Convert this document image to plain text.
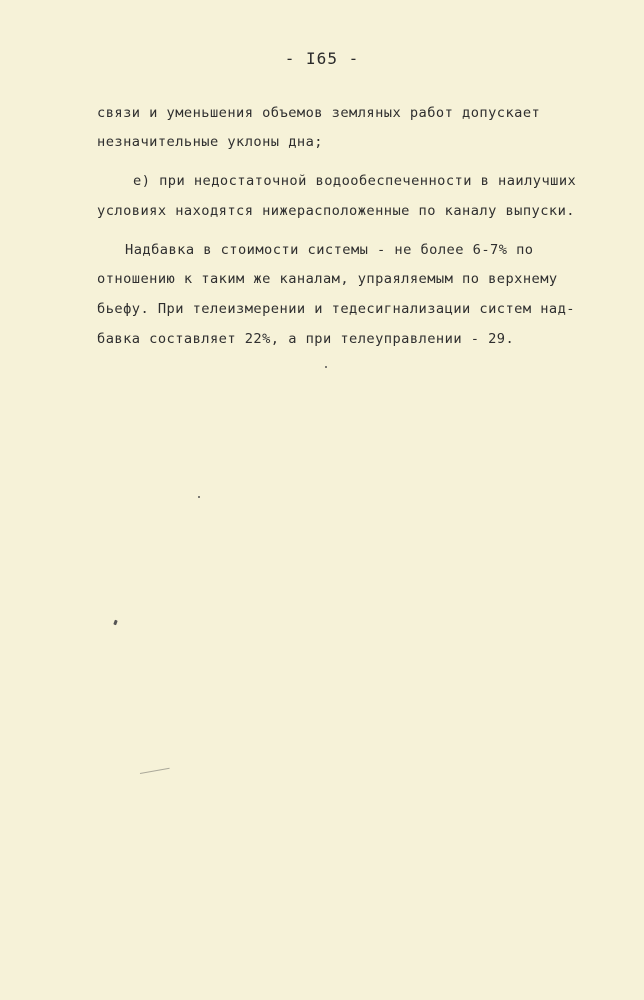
- I65 -
связи и уменьшения объемов земляных работ допускает
незначительные уклоны дна;
е) при недостаточной водообеспеченности в наилучших
условиях находятся нижерасположенные по каналу выпуски.
Надбавка в стоимости системы - не более 6-7% по
отношению к таким же каналам, упраяляемым по верхнему
бьефу. При телеизмерении и тедесигнализации систем над-
бавка составляет 22%, а при телеуправлении - 29.
